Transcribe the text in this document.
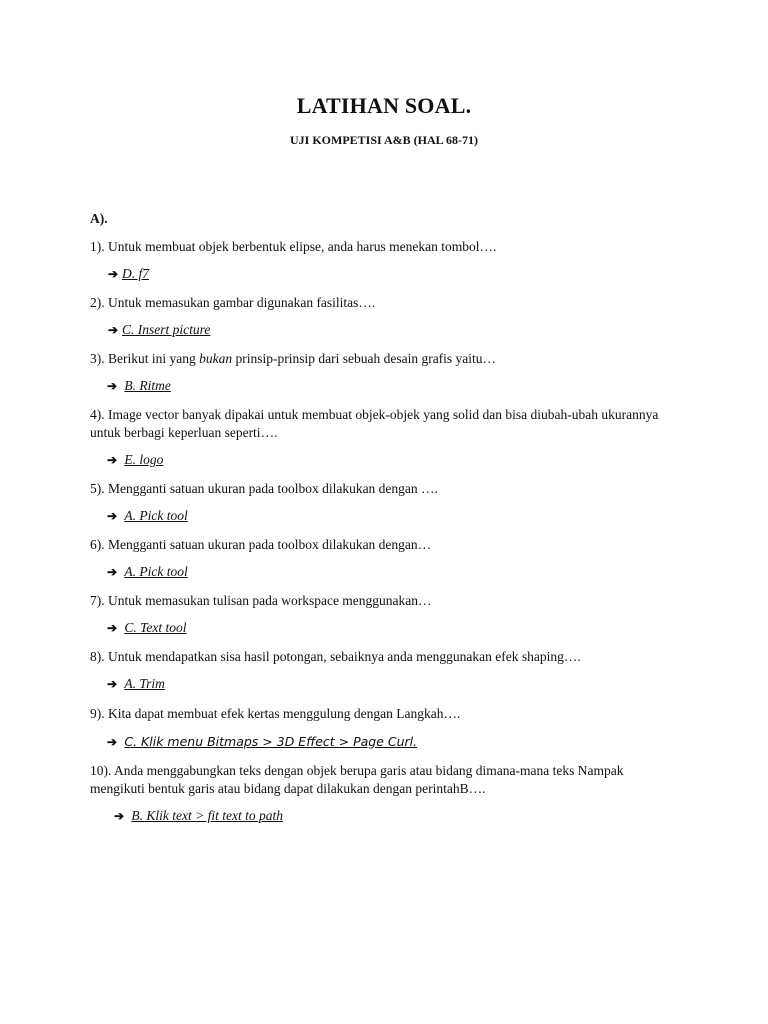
LATIHAN SOAL.
UJI KOMPETISI A&B (HAL 68-71)
A).
1). Untuk membuat objek berbentuk elipse, anda harus menekan tombol….
➔ D. f7
2). Untuk memasukan gambar digunakan fasilitas….
➔ C. Insert picture
3). Berikut ini yang bukan prinsip-prinsip dari sebuah desain grafis yaitu…
➔ B. Ritme
4). Image vector banyak dipakai untuk membuat objek-objek yang solid dan bisa diubah-ubah ukurannya untuk berbagi keperluan seperti….
➔ E. logo
5). Mengganti satuan ukuran pada toolbox dilakukan dengan ….
➔ A. Pick tool
6). Mengganti satuan ukuran pada toolbox dilakukan dengan…
➔ A. Pick tool
7). Untuk memasukan tulisan pada workspace menggunakan…
➔ C. Text tool
8). Untuk mendapatkan sisa hasil potongan, sebaiknya anda menggunakan efek shaping….
➔ A. Trim
9). Kita dapat membuat efek kertas menggulung dengan Langkah….
➔ C. Klik menu Bitmaps > 3D Effect > Page Curl.
10). Anda menggabungkan teks dengan objek berupa garis atau bidang dimana-mana teks Nampak mengikuti bentuk garis atau bidang dapat dilakukan dengan perintahB….
➔ B. Klik text > fit text to path
